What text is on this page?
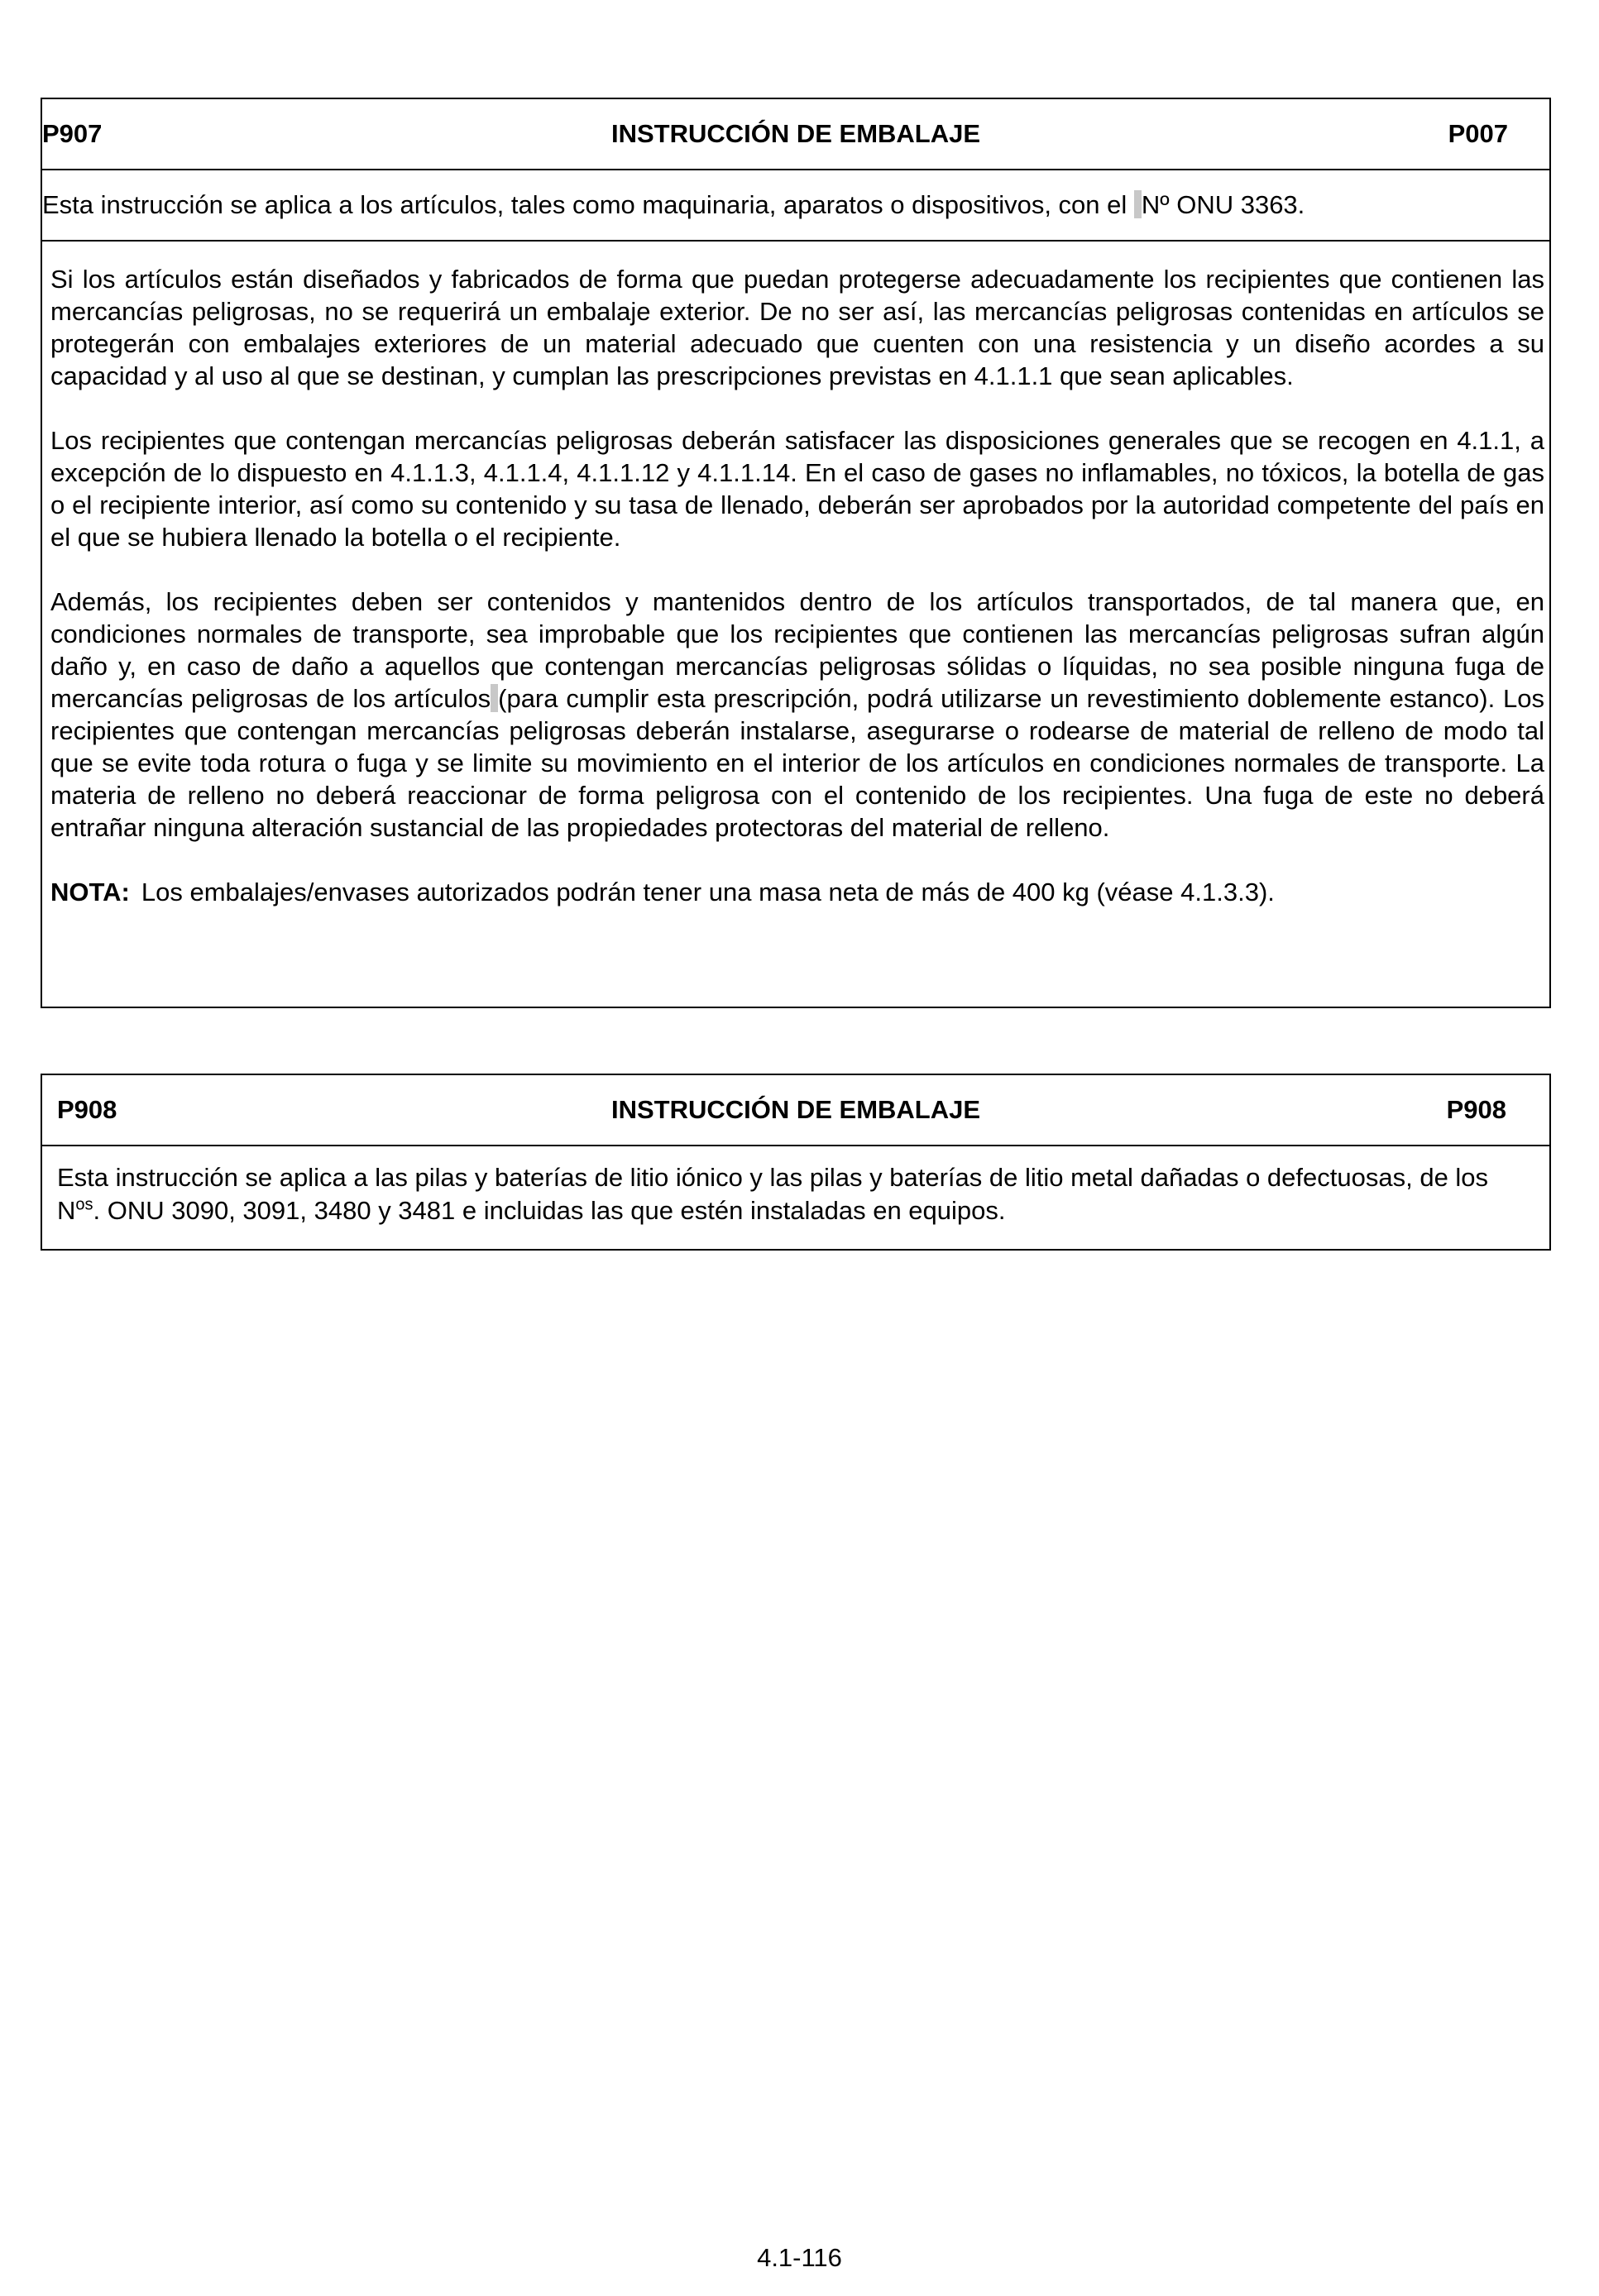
P907	INSTRUCCIÓN DE EMBALAJE	P007
Esta instrucción se aplica a los artículos, tales como maquinaria, aparatos o dispositivos, con el Nº ONU 3363.

Si los artículos están diseñados y fabricados de forma que puedan protegerse adecuadamente los recipientes que contienen las mercancías peligrosas, no se requerirá un embalaje exterior. De no ser así, las mercancías peligrosas contenidas en artículos se protegerán con embalajes exteriores de un material adecuado que cuenten con una resistencia y un diseño acordes a su capacidad y al uso al que se destinan, y cumplan las prescripciones previstas en 4.1.1.1 que sean aplicables.

Los recipientes que contengan mercancías peligrosas deberán satisfacer las disposiciones generales que se recogen en 4.1.1, a excepción de lo dispuesto en 4.1.1.3, 4.1.1.4, 4.1.1.12 y 4.1.1.14. En el caso de gases no inflamables, no tóxicos, la botella de gas o el recipiente interior, así como su contenido y su tasa de llenado, deberán ser aprobados por la autoridad competente del país en el que se hubiera llenado la botella o el recipiente.

Además, los recipientes deben ser contenidos y mantenidos dentro de los artículos transportados, de tal manera que, en condiciones normales de transporte, sea improbable que los recipientes que contienen las mercancías peligrosas sufran algún daño y, en caso de daño a aquellos que contengan mercancías peligrosas sólidas o líquidas, no sea posible ninguna fuga de mercancías peligrosas de los artículos (para cumplir esta prescripción, podrá utilizarse un revestimiento doblemente estanco). Los recipientes que contengan mercancías peligrosas deberán instalarse, asegurarse o rodearse de material de relleno de modo tal que se evite toda rotura o fuga y se limite su movimiento en el interior de los artículos en condiciones normales de transporte. La materia de relleno no deberá reaccionar de forma peligrosa con el contenido de los recipientes. Una fuga de este no deberá entrañar ninguna alteración sustancial de las propiedades protectoras del material de relleno.

NOTA: Los embalajes/envases autorizados podrán tener una masa neta de más de 400 kg (véase 4.1.3.3).

P908	INSTRUCCIÓN DE EMBALAJE	P908
Esta instrucción se aplica a las pilas y baterías de litio iónico y las pilas y baterías de litio metal dañadas o defectuosas, de los $N^{os}$. ONU 3090, 3091, 3480 y 3481 e incluidas las que estén instaladas en equipos.
4.1-116
